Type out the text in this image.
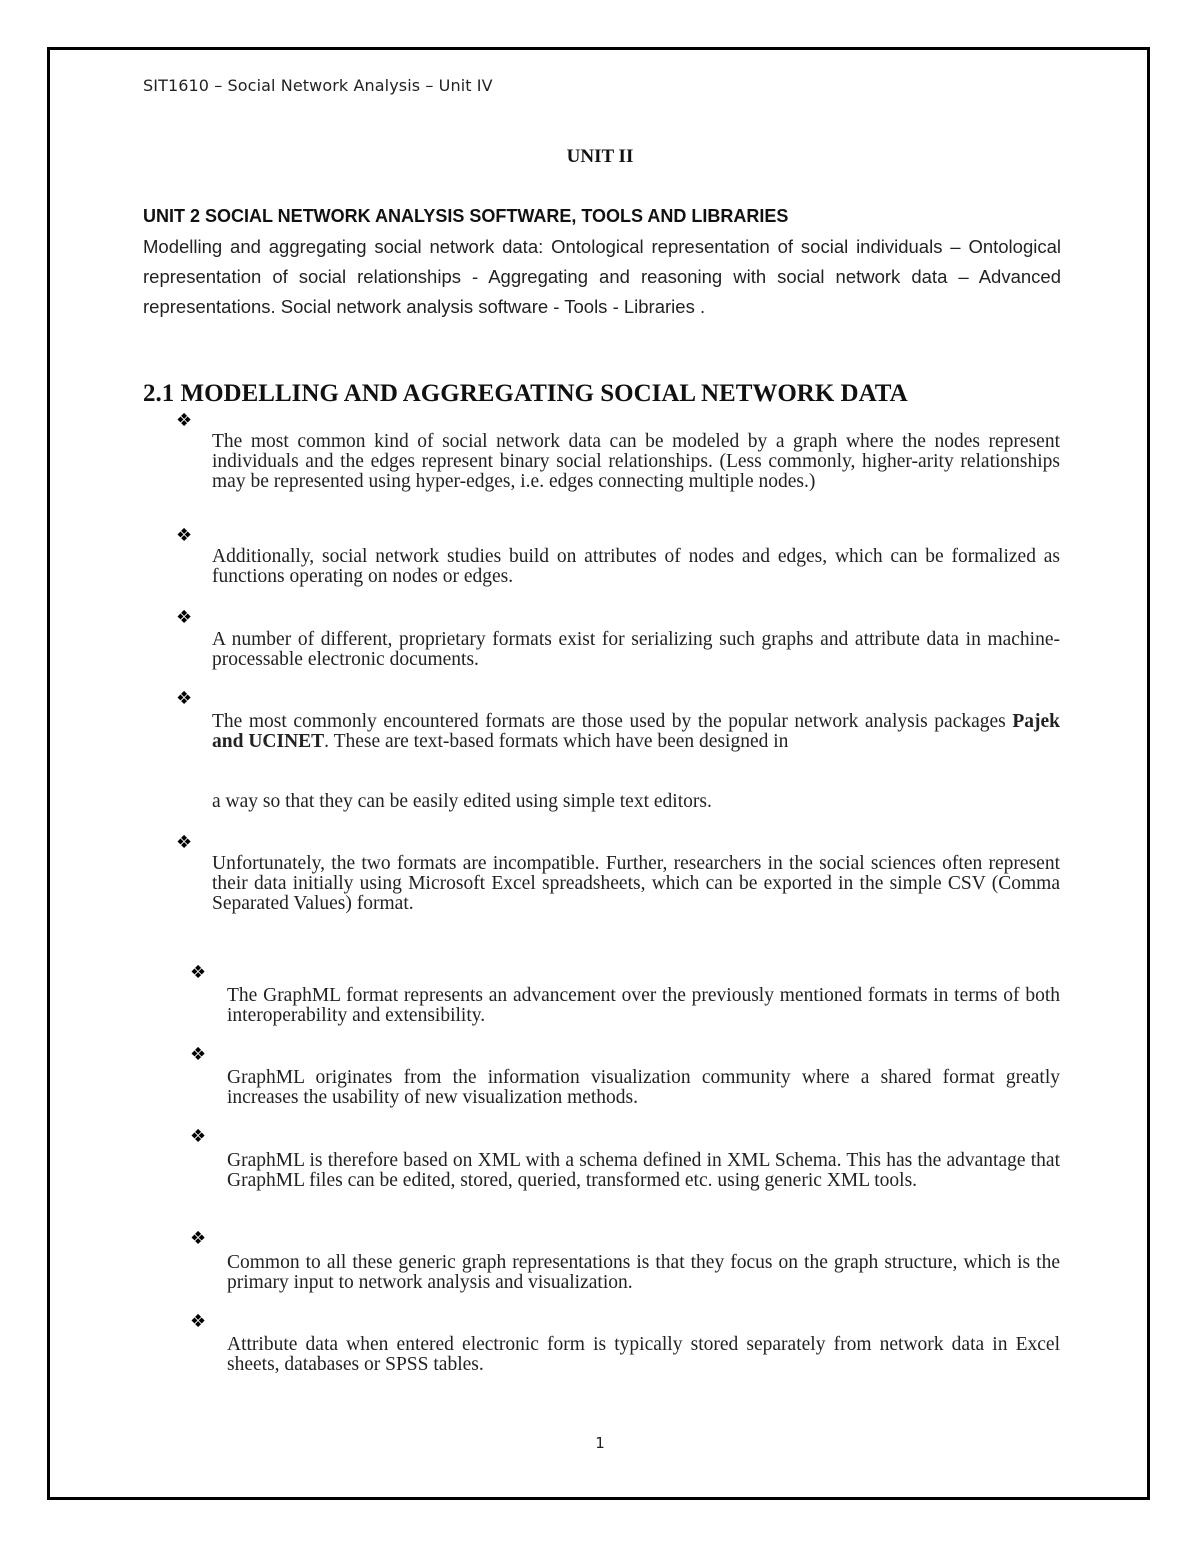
SIT1610 – Social Network Analysis – Unit IV
UNIT II
UNIT 2 SOCIAL NETWORK ANALYSIS SOFTWARE, TOOLS AND LIBRARIES

Modelling and aggregating social network data: Ontological representation of social individuals – Ontological representation of social relationships - Aggregating and reasoning with social network data – Advanced representations. Social network analysis software - Tools - Libraries .

2.1 MODELLING AND AGGREGATING SOCIAL NETWORK DATA
❖

The most common kind of social network data can be modeled by a graph where the nodes represent individuals and the edges represent binary social relationships. (Less commonly, higher-arity relationships may be represented using hyper-edges, i.e. edges connecting multiple nodes.)

❖

Additionally, social network studies build on attributes of nodes and edges, which can be formalized as functions operating on nodes or edges.

❖

A number of different, proprietary formats exist for serializing such graphs and attribute data in machine-processable electronic documents.

❖

The most commonly encountered formats are those used by the popular network analysis packages Pajek and UCINET. These are text-based formats which have been designed in

a way so that they can be easily edited using simple text editors.

❖

Unfortunately, the two formats are incompatible. Further, researchers in the social sciences often represent their data initially using Microsoft Excel spreadsheets, which can be exported in the simple CSV (Comma Separated Values) format.

❖

The GraphML format represents an advancement over the previously mentioned formats in terms of both interoperability and extensibility.

❖

GraphML originates from the information visualization community where a shared format greatly increases the usability of new visualization methods.

❖

GraphML is therefore based on XML with a schema defined in XML Schema. This has the advantage that GraphML files can be edited, stored, queried, transformed etc. using generic XML tools.

❖

Common to all these generic graph representations is that they focus on the graph structure, which is the primary input to network analysis and visualization.

❖

Attribute data when entered electronic form is typically stored separately from network data in Excel sheets, databases or SPSS tables.

1
